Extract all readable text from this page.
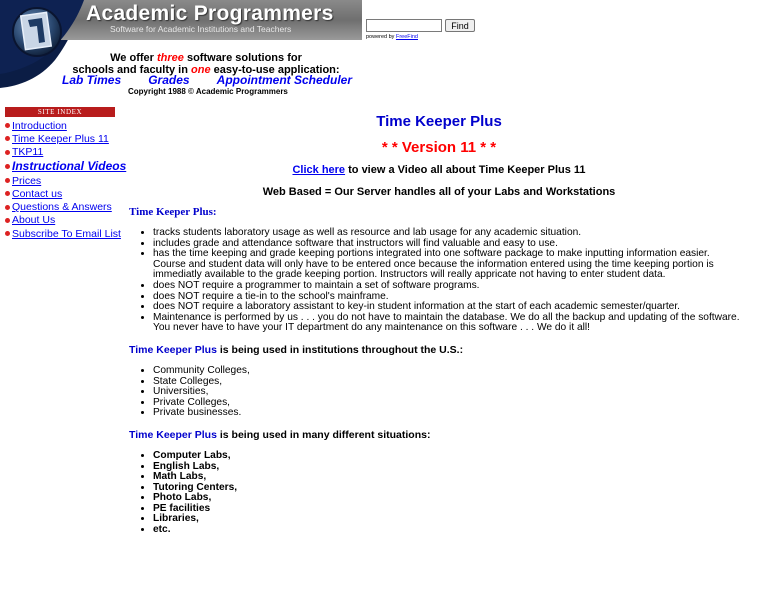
Academic Programmers
Software for Academic Institutions and Teachers	Find
powered by FreeFind
We offer three software solutions for
schools and faculty in one easy-to-use application:
Lab Times Grades Appointment Scheduler
Copyright 1988 © Academic Programmers
SITE INDEX
Introduction
Time Keeper Plus 11
TKP11
Instructional Videos
Prices
Contact us
Questions & Answers
About Us
Subscribe To Email List
Time Keeper Plus
* * Version 11 * *
Click here to view a Video all about Time Keeper Plus 11
Web Based = Our Server handles all of your Labs and Workstations
Time Keeper Plus:
• tracks students laboratory usage as well as resource and lab usage for any academic situation.
• includes grade and attendance software that instructors will find valuable and easy to use.
• has the time keeping and grade keeping portions integrated into one software package to make inputting information easier. Course and student data will only have to be entered once because the information entered using the time keeping portion is immediatly available to the grade keeping portion. Instructors will really appricate not having to enter student data.
• does NOT require a programmer to maintain a set of software programs.
• does NOT require a tie-in to the school's mainframe.
• does NOT require a laboratory assistant to key-in student information at the start of each academic semester/quarter.
• Maintenance is performed by us . . . you do not have to maintain the database. We do all the backup and updating of the software. You never have to have your IT department do any maintenance on this software . . . We do it all!
Time Keeper Plus is being used in institutions throughout the U.S.:
• Community Colleges,
• State Colleges,
• Universities,
• Private Colleges,
• Private businesses.
Time Keeper Plus is being used in many different situations:
• Computer Labs,
• English Labs,
• Math Labs,
• Tutoring Centers,
• Photo Labs,
• PE facilities
• Libraries,
• etc.
